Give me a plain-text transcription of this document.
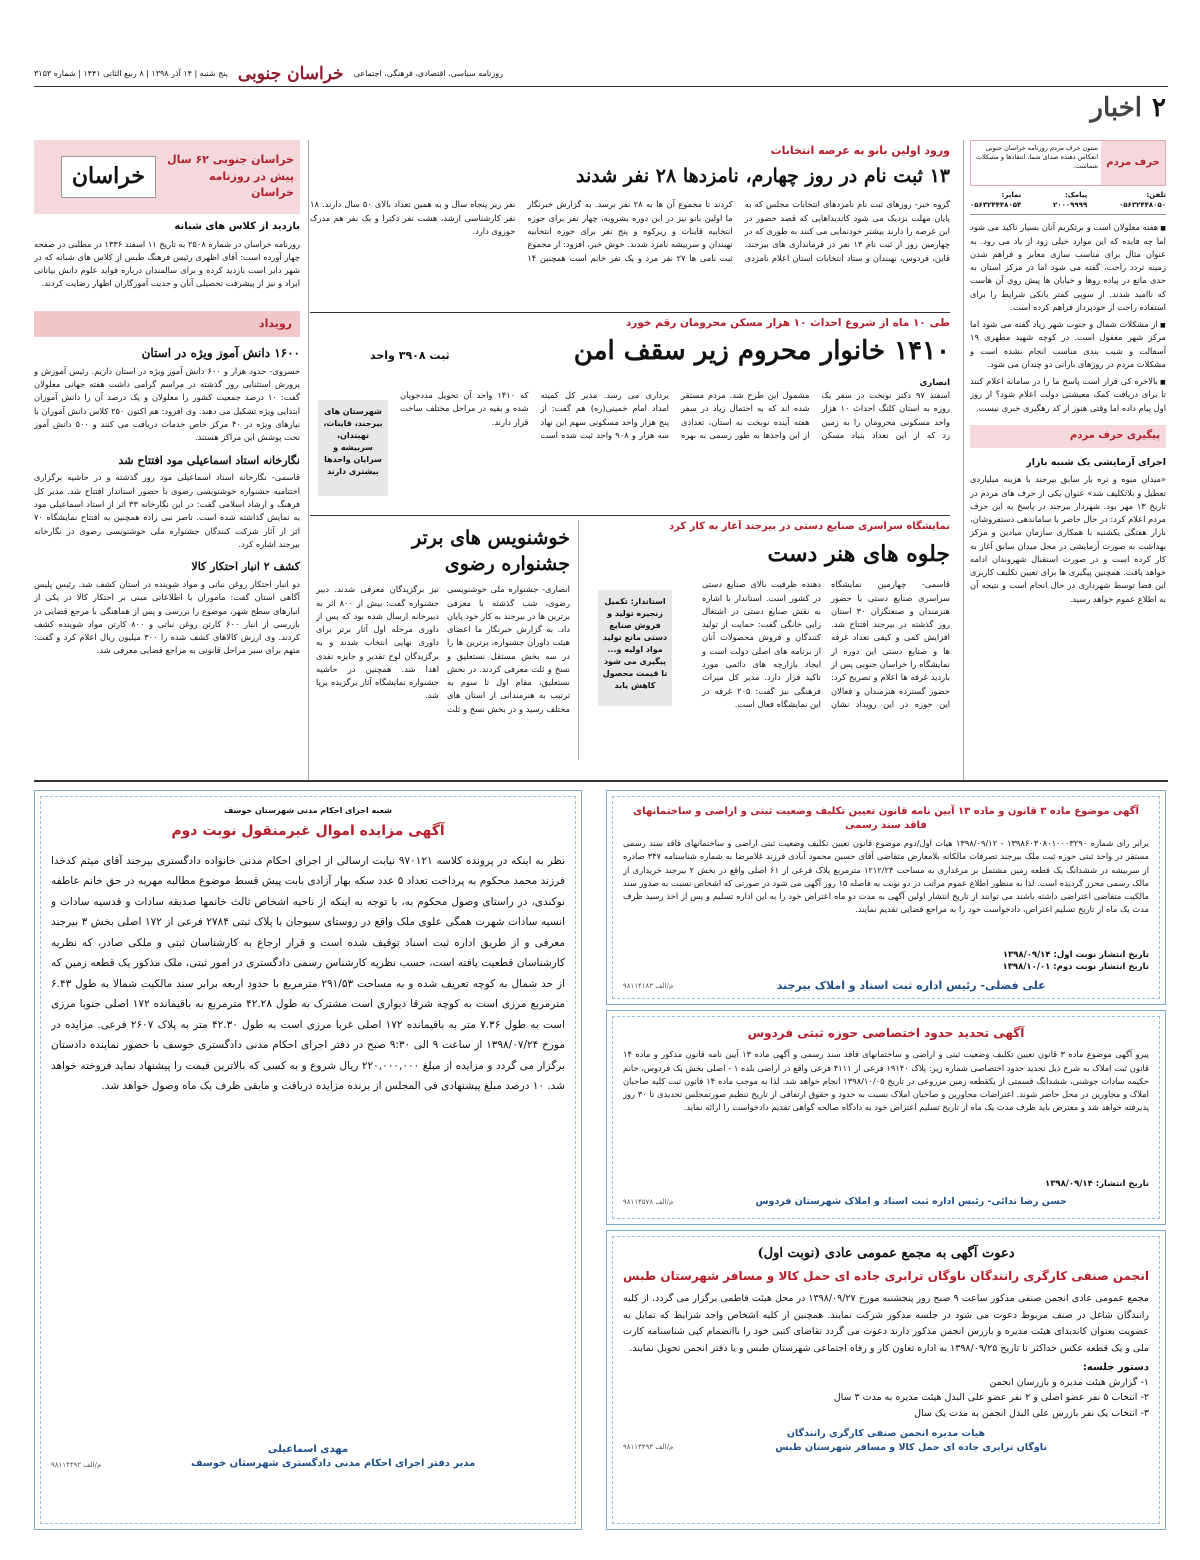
روزنامه سیاسی، اقتصادی، فرهنگی، اجتماعی
خراسان جنوبی
پنج شنبه | ۱۴ آذر ۱۳۹۸ | ۸ ربیع الثانی ۱۴۴۱ | شماره ۳۱۵۳
۲اخبار
حرف مردم
ستون حرف مردم روزنامه خراسان جنوبی انعکاس دهنده صدای شما، انتقادها و مشکلات شماست.
تلفن:
۰۵۶۳۲۴۴۸۰۵۰
پیامک:
۲۰۰۰۹۹۹۹
نمابر:
۰۵۶۳۲۴۴۴۸۰۵۴

■ هفته معلولان است و برتکریم آنان بسیار تاکید می شود اما چه فایده که این موارد خیلی زود از یاد می رود. به عنوان مثال برای مناسب سازی معابر و فراهم شدن زمینه تردد راحت، گفته می شود اما در مرکز استان به حدی مانع در پیاده روها و خیابان ها پیش روی آن هاست که ناامید شدند. از سویی کمتر بانکی شرایط را برای استفاده راحت از خودپرداز فراهم کرده است.

■ از مشکلات شمال و جنوب شهر زیاد گفته می شود اما مرکز شهر مغفول است. در کوچه شهید مطهری ۱۹ آسفالت و شیب بندی مناسب انجام نشده است و مشکلات مردم در روزهای بارانی دو چندان می شود.

■ بالاخره کی قرار است پاسخ ما را در سامانه اعلام کنند تا برای دریافت کمک معیشتی دولت اعلام شود؟ از روز اول پیام داده اما وقتی هنوز از کد رهگیری خبری نیست.

پیگیری حرف مردم
اجرای آزمایشی یک شنبه بازار

«میدان میوه و تره بار سابق بیرجند با هزینه میلیاردی تعطیل و بلاتکلیف شد» عنوان یکی از حرف های مردم در تاریخ ۱۳ مهر بود. شهردار بیرجند در پاسخ به این حرف مردم اعلام کرد: در حال حاضر با ساماندهی دستفروشان، بازار هفتگی یکشنبه با همکاری سازمان میادین و مرکز بهداشت به صورت آزمایشی در محل میدان سابق آغاز به کار کرده است و در صورت استقبال شهروندان ادامه خواهد یافت. همچنین پیگیری ها برای تعیین تکلیف کاربری این فضا توسط شهرداری در حال انجام است و نتیجه آن به اطلاع عموم خواهد رسید.

ورود اولین بانو به عرصه انتخابات
۱۳ ثبت نام در روز چهارم، نامزدها ۲۸ نفر شدند

گروه خبر- روزهای ثبت نام نامزدهای انتخابات مجلس که به پایان مهلت نزدیک می شود کاندیداهایی که قصد حضور در این عرصه را دارند بیشتر خودنمایی می کنند به طوری که در چهارمین روز از ثبت نام ۱۳ نفر در فرمانداری های بیرجند، قاین، فردوس، نهبندان و ستاد انتخابات استان اعلام نامزدی کردند تا مجموع آن ها به ۲۸ نفر برسد. به گزارش خبرنگار ما اولین بانو نیز در این دوره بشرویه، چهار نفر برای حوزه انتخابیه قاینات و زیرکوه و پنج نفر برای حوزه انتخابیه نهبندان و سربیشه نامزد شدند. خوش خبر، افزود: از مجموع ثبت نامی ها ۲۷ نفر مرد و یک نفر خانم است همچنین ۱۴ نفر زیر پنجاه سال و به همین تعداد بالای ۵۰ سال دارند. ۱۸ نفر کارشناسی ارشد، هشت نفر دکترا و یک نفر هم مدرک حوزوی دارد.

طی ۱۰ ماه از شروع احداث ۱۰ هزار مسکن محرومان رقم خورد
۱۴۱۰ خانوار محروم زیر سقف امن
ثبت ۳۹۰۸ واحد
انصاری

اسفند ۹۷ دکتر نوبخت در سفر یک روزه به استان کلنگ احداث ۱۰ هزار واحد مسکونی محرومان را به زمین زد که از این تعداد بنیاد مسکن مشمول این طرح شد. مردم مستقر شده اند که به احتمال زیاد در سفر هفته آینده نوبخت به استان، تعدادی از این واحدها به طور رسمی به بهره برداری می رسد. مدیر کل کمیته امداد امام خمینی(ره) هم گفت: از پنج هزار واحد مسکونی سهم این نهاد سه هزار و ۹۰۸ واحد ثبت شده است که ۱۴۱۰ واحد آن تحویل مددجویان شده و بقیه در مراحل مختلف ساخت قرار دارند.

شهرستان های بیرجند، قاینات، نهبندان، سربیشه و سرایان واحدها بیشتری دارند
نمایشگاه سراسری صنایع دستی در بیرجند آغاز به کار کرد
جلوه های هنر دست

قاسمی- چهارمین نمایشگاه سراسری صنایع دستی با حضور هنرمندان و صنعتگران ۳۰ استان روز گذشته در بیرجند افتتاح شد. افزایش کمی و کیفی تعداد غرفه ها و صنایع دستی این دوره از نمایشگاه را خراسان جنوبی پس از بازدید غرفه ها اعلام و تصریح کرد: حضور گسترده هنرمندان و فعالان این حوزه در این رویداد نشان دهنده ظرفیت بالای صنایع دستی در کشور است. استاندار با اشاره به نقش صنایع دستی در اشتغال زایی خانگی گفت: حمایت از تولید کنندگان و فروش محصولات آنان از برنامه های اصلی دولت است و ایجاد بازارچه های دائمی مورد تاکید قرار دارد. مدیر کل میراث فرهنگی نیز گفت: ۲۰۵ غرفه در این نمایشگاه فعال است.

استاندار: تکمیل زنجیره تولید و فروش صنایع دستی مانع تولید مواد اولیه و... پیگیری می شود تا قیمت محصول کاهش یابد
خوشنویس های برتر جشنواره رضوی

انصاری- جشنواره ملی خوشنویسی رضوی، شب گذشته با معرفی برترین ها در بیرجند به کار خود پایان داد. به گزارش خبرنگار ما اعضای هیئت داوران جشنواره، برترین ها را در سه بخش مستقل نستعلیق و نسخ و ثلث معرفی کردند. در بخش نستعلیق، مقام اول تا سوم به ترتیب به هنرمندانی از استان های مختلف رسید و در بخش نسخ و ثلث نیز برگزیدگان معرفی شدند. دبیر جشنواره گفت: بیش از ۸۰۰ اثر به دبیرخانه ارسال شده بود که پس از داوری مرحله اول آثار برتر برای داوری نهایی انتخاب شدند و به برگزیدگان لوح تقدیر و جایزه نقدی اهدا شد. همچنین در حاشیه جشنواره نمایشگاه آثار برگزیده برپا شد.

خراسان جنوبی ۶۲ سال پیش در روزنامه خراسان
خراسان
بازدید از کلاس های شبانه

روزنامه خراسان در شماره ۲۵۰۸ به تاریخ ۱۱ اسفند ۱۳۳۶ در مطلبی در صفحه چهار آورده است: آقای اظهری رئیس فرهنگ طبس از کلاس های شبانه که در شهر دایر است بازدید کرده و برای سالمندان درباره فواید علوم دانش بیاناتی ایراد و نیز از پیشرفت تحصیلی آنان و جدیت آموزگاران اظهار رضایت کردند.

رویداد
۱۶۰۰ دانش آموز ویژه در استان

خسروی- حدود هزار و ۶۰۰ دانش آموز ویژه در استان داریم. رئیس آموزش و پرورش استثنایی روز گذشته در مراسم گرامی داشت هفته جهانی معلولان گفت: ۱۰ درصد جمعیت کشور را معلولان و یک درصد آن را دانش آموزان ابتدایی ویژه تشکیل می دهند. وی افزود: هم اکنون ۲۵۰ کلاس دانش آموزان با نیازهای ویژه در ۴۰ مرکز خاص خدمات دریافت می کنند و ۵۰۰ دانش آموز تحت پوشش این مراکز هستند.

نگارخانه استاد اسماعیلی مود افتتاح شد

قاسمی- نگارخانه استاد اسماعیلی مود روز گذشته و در حاشیه برگزاری اختتامیه جشنواره خوشنویسی رضوی با حضور استاندار افتتاح شد. مدیر کل فرهنگ و ارشاد اسلامی گفت: در این نگارخانه ۳۳ اثر از استاد اسماعیلی مود به نمایش گذاشته شده است. ناصر نبی زاده همچنین به افتتاح نمایشگاه ۷۰ اثر از آثار شرکت کنندگان جشنواره ملی خوشنویسی رضوی در نگارخانه بیرجند اشاره کرد.

کشف ۲ انبار احتکار کالا

دو انبار احتکار روغن نباتی و مواد شوینده در استان کشف شد. رئیس پلیس آگاهی استان گفت: ماموران با اطلاعاتی مبنی بر احتکار کالا در یکی از انبارهای سطح شهر، موضوع را بررسی و پس از هماهنگی با مرجع قضایی در بازرسی از انبار ۶۰۰ کارتن روغن نباتی و ۸۰۰ کارتن مواد شوینده کشف کردند. وی ارزش کالاهای کشف شده را ۳۰۰ میلیون ریال اعلام کرد و گفت: متهم برای سیر مراحل قانونی به مراجع قضایی معرفی شد.

آگهی موضوع ماده ۳ قانون و ماده ۱۳ آیین نامه قانون تعیین تکلیف وضعیت ثبتی و اراضی و ساختمانهای فاقد سند رسمی

برابر رای شماره ۱۳۹۸۶۰۳۰۸۰۱۰۰۰۳۲۹۰ - ۱۳۹۸/۰۹/۱۲ هیات اول/دوم موضوع قانون تعیین تکلیف وضعیت ثبتی اراضی و ساختمانهای فاقد سند رسمی مستقر در واحد ثبتی حوزه ثبت ملک بیرجند تصرفات مالکانه بلامعارض متقاضی آقای حسین محمود آبادی فرزند غلامرضا به شماره شناسنامه ۳۴۷ صادره از سربیشه در ششدانگ یک قطعه زمین مشتمل بر مرغداری به مساحت ۱۲۱۲/۲۴ مترمربع پلاک فرعی از ۶۱ اصلی واقع در بخش ۲ بیرجند خریداری از مالک رسمی محرز گردیده است. لذا به منظور اطلاع عموم مراتب در دو نوبت به فاصله ۱۵ روز آگهی می شود در صورتی که اشخاص نسبت به صدور سند مالکیت متقاضی اعتراضی داشته باشند می توانند از تاریخ انتشار اولین آگهی به مدت دو ماه اعتراض خود را به این اداره تسلیم و پس از اخذ رسید ظرف مدت یک ماه از تاریخ تسلیم اعتراض، دادخواست خود را به مراجع قضایی تقدیم نمایند.

تاریخ انتشار نوبت اول: ۱۳۹۸/۰۹/۱۴
تاریخ انتشار نوبت دوم: ۱۳۹۸/۱۰/۰۱
علی فضلی- رئیس اداره ثبت اسناد و املاک بیرجند
م/الف ۹۸۱۱۴۱۸۳
آگهی تحدید حدود اختصاصی حوزه ثبتی فردوس

پیرو آگهی موضوع ماده ۳ قانون تعیین تکلیف وضعیت ثبتی و اراضی و ساختمانهای فاقد سند رسمی و آگهی ماده ۱۳ آیین نامه قانون مذکور و ماده ۱۴ قانون ثبت املاک به شرح ذیل تحدید حدود اختصاصی شماره زیر: پلاک ۱۹۱۴۰ فرعی از ۴۱۱۱ فرعی واقع در اراضی بلده ۱ - اصلی بخش یک فردوس، خانم حکیمه سادات جوشنی، ششدانگ قسمتی از یکقطعه زمین مزروعی در تاریخ ۱۳۹۸/۱۰/۰۵ انجام خواهد شد. لذا به موجب ماده ۱۴ قانون ثبت کلیه صاحبان املاک و مجاورین در محل حاضر شوند. اعتراضات مجاورین و صاحبان املاک نسبت به حدود و حقوق ارتفاقی از تاریخ تنظیم صورتمجلس تحدیدی تا ۳۰ روز پذیرفته خواهد شد و معترض باید ظرف مدت یک ماه از تاریخ تسلیم اعتراض خود به دادگاه صالحه گواهی تقدیم دادخواست را ارائه نماید.

تاریخ انتشار: ۱۳۹۸/۰۹/۱۴
حسن رضا ندائی- رئیس اداره ثبت اسناد و املاک شهرستان فردوس
م/الف ۹۸۱۱۴۵۷۸
دعوت آگهی به مجمع عمومی عادی (نوبت اول)
انجمن صنفی کارگری رانندگان ناوگان ترابری جاده ای حمل کالا و مسافر شهرستان طبس

مجمع عمومی عادی انجمن صنفی مذکور ساعت ۹ صبح روز پنجشنبه مورخ ۱۳۹۸/۰۹/۲۷ در محل هیئت فاطمی برگزار می گردد. از کلیه رانندگان شاغل در صنف مربوط دعوت می شود در جلسه مذکور شرکت نمایند. همچنین از کلیه اشخاص واجد شرایط که تمایل به عضویت بعنوان کاندیدای هیئت مدیره و بازرس انجمن مذکور دارند دعوت می گردد تقاضای کتبی خود را باانضمام کپی شناسنامه کارت ملی و یک قطعه عکس حداکثر تا تاریخ ۱۳۹۸/۰۹/۲۵ به اداره تعاون کار و رفاه اجتماعی شهرستان طبس و یا دفتر انجمن تحویل نمایند.

دستور جلسه:
۱- گزارش هیئت مدیره و بازرسان انجمن
۲- انتخاب ۵ نفر عضو اصلی و ۲ نفر عضو علی البدل هیئت مدیره به مدت ۳ سال
۳- انتخاب یک نفر بازرس علی البدل انجمن به مدت یک سال
هیات مدیره انجمن صنفی کارگری رانندگان
ناوگان ترابری جاده ای حمل کالا و مسافر شهرستان طبس
م/الف ۹۸۱۱۴۴۹۳
شعبه اجرای احکام مدنی شهرستان خوسف
آگهی مزایده اموال غیرمنقول نوبت دوم

نظر به اینکه در پرونده کلاسه ۹۷۰۱۲۱ نیابت ارسالی از اجرای احکام مدنی خانواده دادگستری بیرجند آقای میثم کدخدا فرزند محمد محکوم به پرداخت تعداد ۵ عدد سکه بهار آزادی بابت پیش قسط موضوع مطالبه مهریه در حق خانم عاطفه نوکندی، در راستای وصول محکوم به، با توجه به اینکه از ناحیه اشخاص ثالث خانمها صدیقه سادات و قدسیه سادات و انسیه سادات شهرت همگی علوی ملک واقع در روستای سیوجان با پلاک ثبتی ۲۷۸۴ فرعی از ۱۷۲ اصلی بخش ۳ بیرجند معرفی و از طریق اداره ثبت اسناد توقیف شده است و قرار ارجاع به کارشناسان ثبتی و ملکی صادر، که نظریه کارشناسان قطعیت یافته است، حسب نظریه کارشناس رسمی دادگستری در امور ثبتی، ملک مذکور یک قطعه زمین که از حد شمال به کوچه تعریف شده و به مساحت ۲۹۱/۵۳ مترمربع با حدود اربعه برابر سند مالکیت شمالا به طول ۶.۴۳ مترمربع مرزی است به کوچه شرقا دیواری است مشترک به طول ۴۲.۲۸ مترمربع به باقیمانده ۱۷۲ اصلی جنوبا مرزی است به طول ۷.۳۶ متر به باقیمانده ۱۷۲ اصلی غربا مرزی است به طول ۴۲.۳۰ متر به پلاک ۲۶۰۷ فرعی. مزایده در مورخ ۱۳۹۸/۰۷/۲۴ از ساعت ۹ الی ۹:۳۰ صبح در دفتر اجرای احکام مدنی دادگستری خوسف با حضور نماینده دادستان برگزار می گردد و مزایده از مبلغ ۲۲۰,۰۰۰,۰۰۰ ریال شروع و به کسی که بالاترین قیمت را پیشنهاد نماید فروخته خواهد شد. ۱۰ درصد مبلغ پیشنهادی فی المجلس از برنده مزایده دریافت و مابقی ظرف یک ماه وصول خواهد شد.

مهدی اسماعیلی
مدیر دفتر اجرای احکام مدنی دادگستری شهرستان خوسف
م/الف ۹۸۱۱۴۴۹۲
